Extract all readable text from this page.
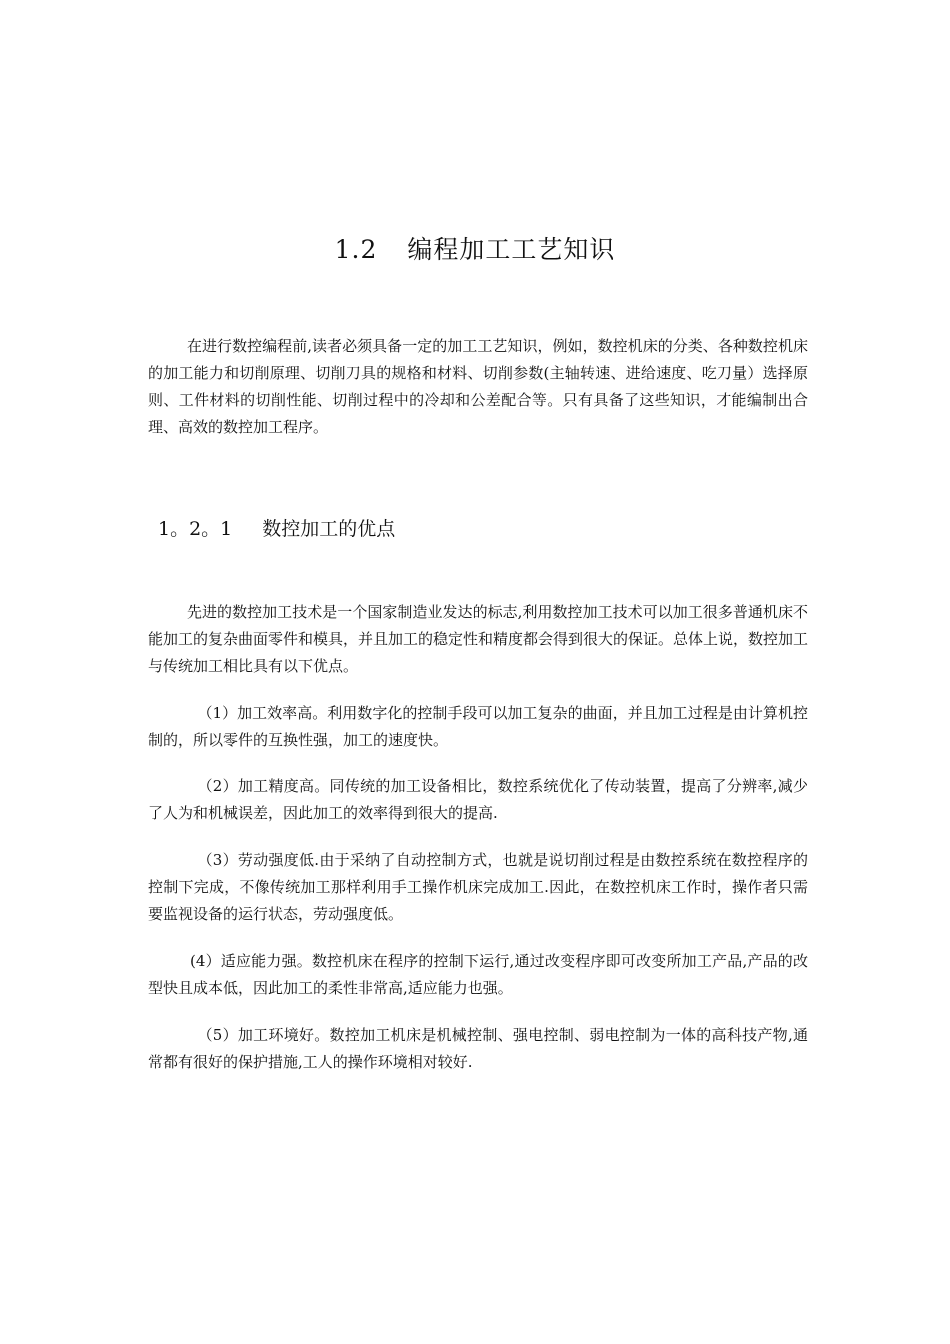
1.2 编程加工工艺知识

在进行数控编程前,读者必须具备一定的加工工艺知识，例如，数控机床的分类、各种数控机床的加工能力和切削原理、切削刀具的规格和材料、切削参数(主轴转速、进给速度、吃刀量）选择原则、工件材料的切削性能、切削过程中的冷却和公差配合等。只有具备了这些知识，才能编制出合理、高效的数控加工程序。

1。2。1 数控加工的优点

先进的数控加工技术是一个国家制造业发达的标志,利用数控加工技术可以加工很多普通机床不能加工的复杂曲面零件和模具，并且加工的稳定性和精度都会得到很大的保证。总体上说，数控加工与传统加工相比具有以下优点。

（1）加工效率高。利用数字化的控制手段可以加工复杂的曲面，并且加工过程是由计算机控制的，所以零件的互换性强，加工的速度快。

（2）加工精度高。同传统的加工设备相比，数控系统优化了传动装置，提高了分辨率,减少了人为和机械误差，因此加工的效率得到很大的提高.

（3）劳动强度低.由于采纳了自动控制方式，也就是说切削过程是由数控系统在数控程序的控制下完成，不像传统加工那样利用手工操作机床完成加工.因此，在数控机床工作时，操作者只需要监视设备的运行状态，劳动强度低。

(4）适应能力强。数控机床在程序的控制下运行,通过改变程序即可改变所加工产品,产品的改型快且成本低，因此加工的柔性非常高,适应能力也强。

（5）加工环境好。数控加工机床是机械控制、强电控制、弱电控制为一体的高科技产物,通常都有很好的保护措施,工人的操作环境相对较好.
